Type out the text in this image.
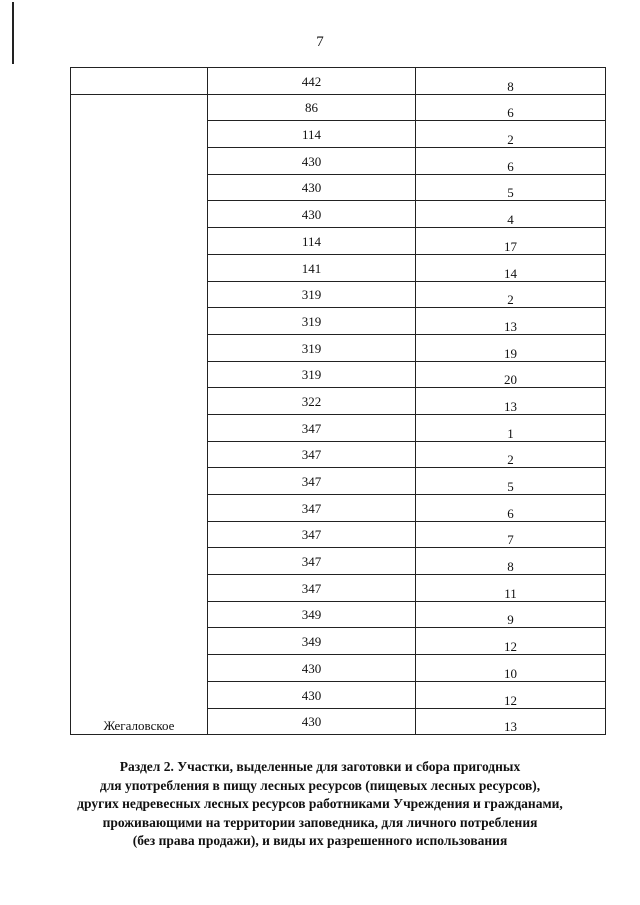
7
	442	8
Жегаловское	86	6
	114	2
	430	6
	430	5
	430	4
	114	17
	141	14
	319	2
	319	13
	319	19
	319	20
	322	13
	347	1
	347	2
	347	5
	347	6
	347	7
	347	8
	347	11
	349	9
	349	12
	430	10
	430	12
	430	13
Раздел 2. Участки, выделенные для заготовки и сбора пригодных
для употребления в пищу лесных ресурсов (пищевых лесных ресурсов),
других недревесных лесных ресурсов работниками Учреждения и гражданами,
проживающими на территории заповедника, для личного потребления
(без права продажи), и виды их разрешенного использования
